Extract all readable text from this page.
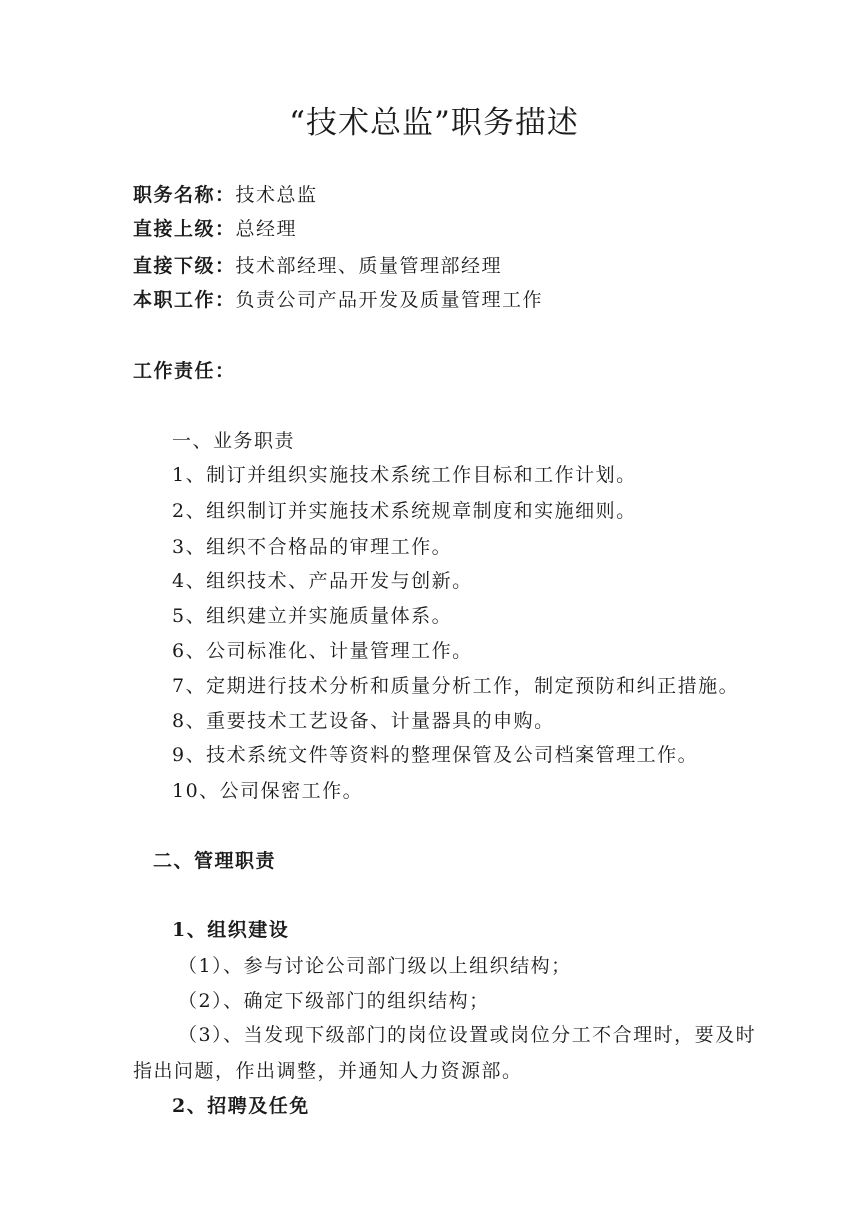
“技术总监”职务描述

职务名称：技术总监

直接上级：总经理

直接下级：技术部经理、质量管理部经理

本职工作：负责公司产品开发及质量管理工作

工作责任：

一、业务职责

1、制订并组织实施技术系统工作目标和工作计划。

2、组织制订并实施技术系统规章制度和实施细则。

3、组织不合格品的审理工作。

4、组织技术、产品开发与创新。

5、组织建立并实施质量体系。

6、公司标准化、计量管理工作。

7、定期进行技术分析和质量分析工作，制定预防和纠正措施。

8、重要技术工艺设备、计量器具的申购。

9、技术系统文件等资料的整理保管及公司档案管理工作。

10、公司保密工作。

二、管理职责

1、组织建设

（1）、参与讨论公司部门级以上组织结构；

（2）、确定下级部门的组织结构；

（3）、当发现下级部门的岗位设置或岗位分工不合理时，要及时

指出问题，作出调整，并通知人力资源部。

2、招聘及任免
